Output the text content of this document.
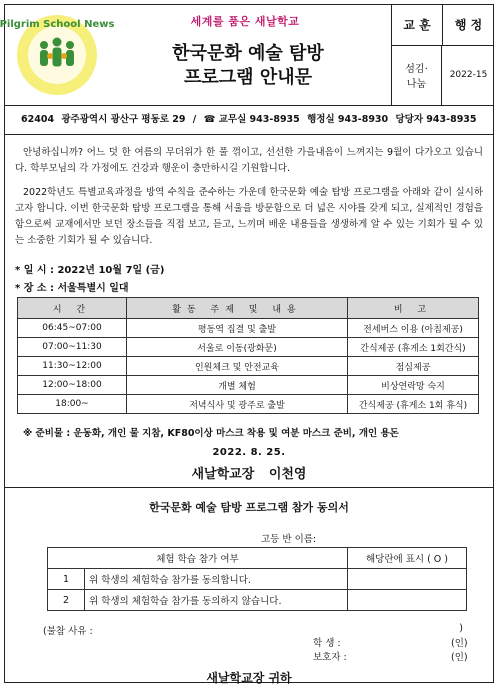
Pilgrim School News	세계를 품은 새날학교
한국문화 예술 탐방
프로그램 안내문
교 훈	행 정
섬김·
나눔
2022-15
62404 광주광역시 광산구 평동로 29 / ☎ 교무실 943-8935 행정실 943-8930 당당자 943-8935
안녕하십니까? 어느 덧 한 여름의 무더위가 한 풀 꺾이고, 선선한 가을내음이 느껴지는 9월이 다가오고 있습니다. 학부모님의 각 가정에도 건강과 행운이 충만하시길 기원합니다.
2022학년도 특별교육과정을 방역 수칙을 준수하는 가운데 한국문화 예술 탐방 프로그램을 아래와 같이 실시하고자 합니다. 이번 한국문화 탐방 프로그램을 통해 서울을 방문함으로 더 넓은 시야를 갖게 되고, 실제적인 경험을 함으로써 교재에서만 보던 장소들을 직접 보고, 듣고, 느끼며 배운 내용들을 생생하게 알 수 있는 기회가 될 수 있는 소중한 기회가 될 수 있습니다.
* 일 시 : 2022년 10월 7일 (금)
* 장 소 : 서울특별시 일대
시 간	활동 주제 및 내용	비 고
06:45~07:00	평동역 집결 및 출발	전세버스 이용 (아침제공)
07:00~11:30	서울로 이동(광화문)	간식제공 (휴게소 1회간식)
11:30~12:00	인원체크 및 안전교육	점심제공
12:00~18:00	개별 체험	비상연락망 숙지
18:00~	저녁식사 및 광주로 출발	간식제공 (휴게소 1회 휴식)
※ 준비물 : 운동화, 개인 물 지참, KF80이상 마스크 착용 및 여분 마스크 준비, 개인 용돈
2022. 8. 25.
새날학교장 이천영
한국문화 예술 탐방 프로그램 참가 동의서
고등 반 이름:
체험 학습 참가 여부		해당란에 표시 ( O )
1	위 학생의 체험학습 참가를 동의합니다.	
2	위 학생의 체험학습 참가를 동의하지 않습니다.	
(불참 사유 :	)
학 생 :	(인)
보호자 :	(인)
새날학교장 귀하
